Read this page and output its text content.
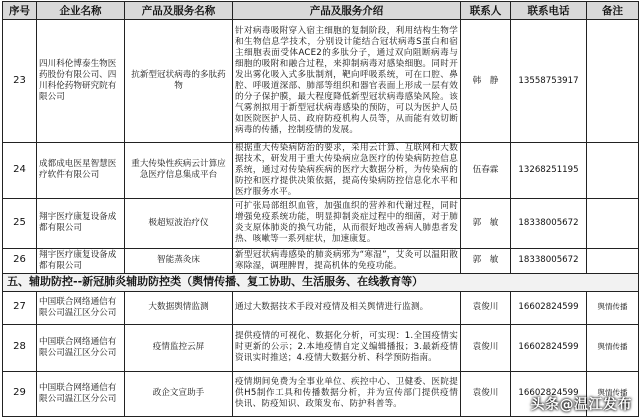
序号	企业名称	产品及服务名称	产品及服务介绍	联系人	联系电话	备注
23	四川科伦博泰生物医药股份有限公司、四川科伦药物研究院有限公司	抗新型冠状病毒的多肽药物	针对病毒吸附穿入宿主细胞的复制阶段，利用结构生物学和生物信息学技术，分别设计能结合冠状病毒S蛋白和宿主细胞表面受体ACE2的多肽分子，通过双向阻断病毒与细胞的吸附和融合过程，来抑制病毒对感染细胞。同时开发出雾化吸入式多肽制剂，靶向呼吸系统，可在口腔、鼻腔、呼吸道深部、肺部等组织和器官表面上形成一层有效的分子保护膜，最大程度降低新型冠状病毒感染风险。该气雾剂拟用于新型冠状病毒感染的预防，可以为医护人员如医院医护人员、政府防疫机构人员等，从而能有效切断病毒的传播，控制疫情的发展。	韩　静	13558753917	
24	成都成电医星智慧医疗软件有限公司	重大传染性疾病云计算应急医疗信息集成平台	根据重大传染病防治的要求，采用云计算、互联网和大数据技术，研发用于重大传染病应急医疗的传染病防控信息系统，通过对传染病疾病的医疗大数据分析，为传染病的防控和医疗提供决策依据，提高传染病防控信息化水平和医疗服务水平。	伍春霖	13268251195	
25	翔宇医疗康复设备成都有限公司	极超短波治疗仪	可扩张局部组织血管，加强血织的营养和代谢过程，同时增强免疫系统功能，明显抑制炎症过程中的细菌，对于肺炎支原体肺炎的换气功能，从而很好地改善病人肺患者发热、咳嗽等一系列症状，加速康复。	郭　敏	18338005672	
26	翔宇医疗康复设备成都有限公司	智能蒸灸床	新型冠状病毒感染的肺炎病邪为“寒湿”，艾灸可以温阳散寒除湿，调理脾胃，提高机体的免疫功能。	郭　敏	18338005672	
五、辅助防控--新冠肺炎辅助防控类（舆情传播、复工协助、生活服务、在线教育等）						
27	中国联合网络通信有限公司温江区分公司	大数据舆情监测	通过大数据技术手段对疫情及相关舆情进行监测。	袁俊川	16602824599	舆情传播
28	中国联合网络通信有限公司温江区分公司	疫情监控云屏	提供疫情的可视化、数据化分析，可实现：1.全国疫情实时更新的公示；2.本地疫情自定义编辑播报；3.最新疫情资讯实时推送；4.疫情大数据分析、科学预防指南。	袁俊川	16602824599	舆情传播
29	中国联合网络通信有限公司温江区分公司	政企文宣助手	疫情期间免费为全事业单位、疾控中心、卫健委、医院提供H5制作工具和传播数据分析，并为宣传部门提供疫情快讯、防疫知识、政策发布、防护科普等。	袁俊川	16602824599	舆情传播
头条@温江发布
